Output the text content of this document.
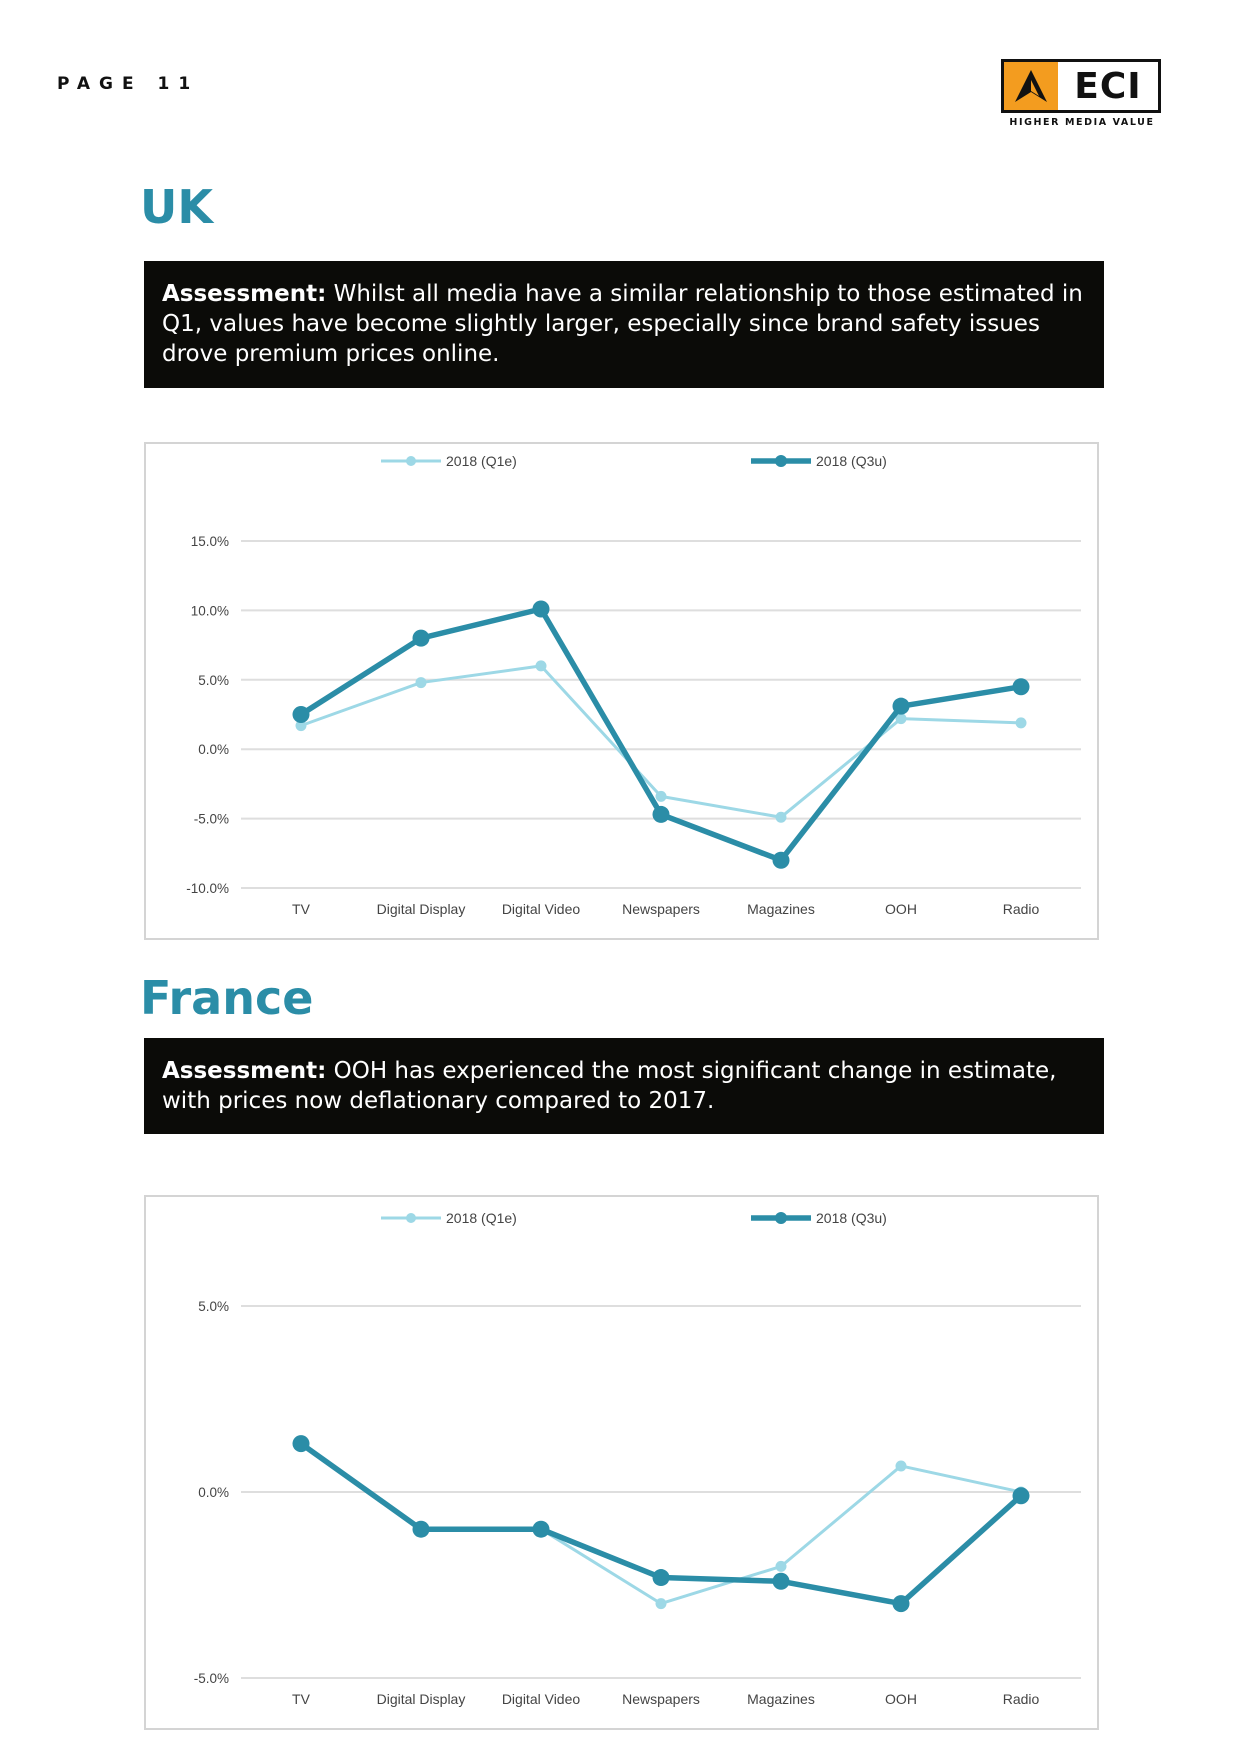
PAGE 11	ECI
HIGHER MEDIA VALUE
UK
Assessment: Whilst all media have a similar relationship to those estimated in Q1, values have become slightly larger, especially since brand safety issues drove premium prices online.
15.0%
10.0%
5.0%
0.0%
-5.0%
-10.0%
TV	Digital Display	Digital Video	Newspapers	Magazines	OOH	Radio
2018 (Q1e)	2018 (Q3u)
France
Assessment: OOH has experienced the most significant change in estimate, with prices now deflationary compared to 2017.
5.0%
0.0%
-5.0%
TV	Digital Display	Digital Video	Newspapers	Magazines	OOH	Radio
2018 (Q1e)	2018 (Q3u)
